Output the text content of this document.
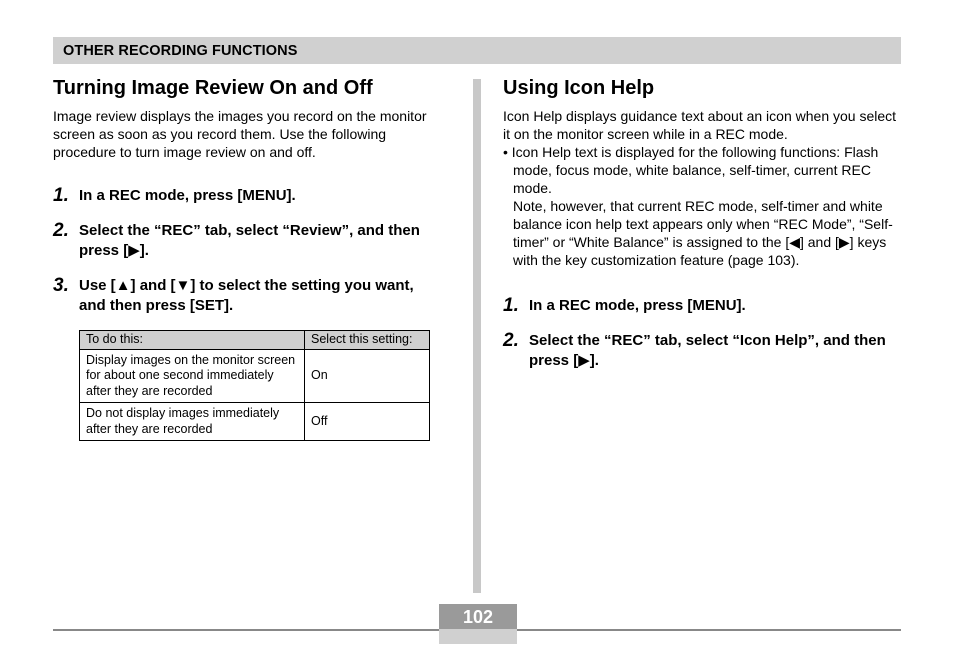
OTHER RECORDING FUNCTIONS
Turning Image Review On and Off

Image review displays the images you record on the monitor screen as soon as you record them. Use the following procedure to turn image review on and off.

1. In a REC mode, press [MENU].
2. Select the “REC” tab, select “Review”, and then press [▶].
3. Use [▲] and [▼] to select the setting you want, and then press [SET].
To do this:	Select this setting:
Display images on the monitor screen for about one second immediately after they are recorded	On
Do not display images immediately after they are recorded	Off
Using Icon Help

Icon Help displays guidance text about an icon when you select it on the monitor screen while in a REC mode.

• Icon Help text is displayed for the following functions: Flash mode, focus mode, white balance, self-timer, current REC mode.

Note, however, that current REC mode, self-timer and white balance icon help text appears only when “REC Mode”, “Self-timer” or “White Balance” is assigned to the [◀] and [▶] keys with the key customization feature (page 103).

1. In a REC mode, press [MENU].
2. Select the “REC” tab, select “Icon Help”, and then press [▶].
102
